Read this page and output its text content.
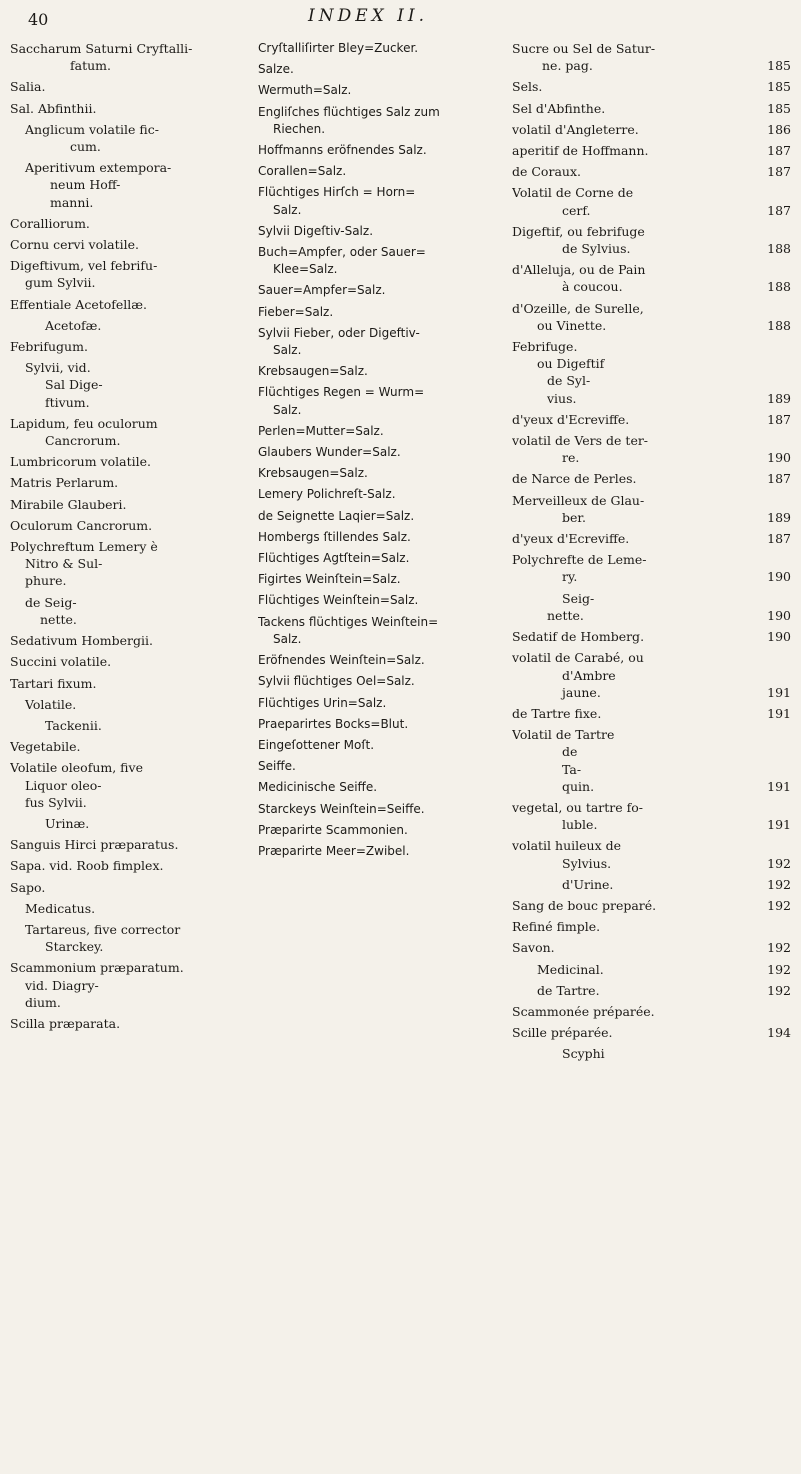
40	INDEX II.
Saccharum Saturni Cryftalli-
fatum.
Salia.
Sal. Abfinthii.
Anglicum volatile fic-
cum.
Aperitivum extempora-
neum Hoff-
manni.
Coralliorum.
Cornu cervi volatile.
Digeftivum, vel febrifu-
gum Sylvii.
Effentiale Acetofellæ.
Acetofæ.
Febrifugum.
Sylvii, vid.
Sal Dige-
ftivum.
Lapidum, feu oculorum
Cancrorum.
Lumbricorum volatile.
Matris Perlarum.
Mirabile Glauberi.
Oculorum Cancrorum.
Polychreftum Lemery è
Nitro & Sul-
phure.
de Seig-
nette.
Sedativum Hombergii.
Succini volatile.
Tartari fixum.
Volatile.
Tackenii.
Vegetabile.
Volatile oleofum, five
Liquor oleo-
fus Sylvii.
Urinæ.
Sanguis Hirci præparatus.
Sapa. vid. Roob fimplex.
Sapo.
Medicatus.
Tartareus, five corrector
Starckey.
Scammonium præparatum.
vid. Diagry-
dium.
Scilla præparata.
Cryſtalliſirter Bley=Zucker.
Salze.
Wermuth=Salz.
Engliſches flüchtiges Salz zum
Riechen.
Hoffmanns eröfnendes Salz.
Corallen=Salz.
Flüchtiges Hirſch = Horn=
Salz.
Sylvii Digeſtiv-Salz.
Buch=Ampfer, oder Sauer=
Klee=Salz.
Sauer=Ampfer=Salz.
Fieber=Salz.
Sylvii Fieber, oder Digeftiv-
Salz.
Krebsaugen=Salz.
Flüchtiges Regen = Wurm=
Salz.
Perlen=Mutter=Salz.
Glaubers Wunder=Salz.
Krebsaugen=Salz.
Lemery Polichreſt-Salz.
de Seignette Laqier=Salz.
Hombergs ſtillendes Salz.
Flüchtiges Agtſtein=Salz.
Figirtes Weinſtein=Salz.
Flüchtiges Weinſtein=Salz.
Tackens flüchtiges Weinſtein=
Salz.
Eröfnendes Weinſtein=Salz.
Sylvii flüchtiges Oel=Salz.
Flüchtiges Urin=Salz.
Praeparirtes Bocks=Blut.
Eingeſottener Moſt.
Seiffe.
Medicinische Seiffe.
Starckeys Weinſtein=Seiffe.
Præparirte Scammonien.
Præparirte Meer=Zwibel.
Sucre ou Sel de Satur-
ne. pag.	185
Sels.	185
Sel d'Abfinthe.	185
volatil d'Angleterre.	186
aperitif de Hoffmann.	187
de Coraux.	187
Volatil de Corne de
cerf.	187
Digeftif, ou febrifuge
de Sylvius.	188
d'Alleluja, ou de Pain
à coucou.	188
d'Ozeille, de Surelle,
ou Vinette.	188
Febrifuge.
ou Digeftif
de Syl-
vius.	189
d'yeux d'Ecreviffe.	187
volatil de Vers de ter-
re.	190
de Narce de Perles.	187
Merveilleux de Glau-
ber.	189
d'yeux d'Ecreviffe.	187
Polychrefte de Leme-
ry.	190
Seig-
nette.	190
Sedatif de Homberg.	190
volatil de Carabé, ou
d'Ambre
jaune.	191
de Tartre fixe.	191
Volatil de Tartre
de
Ta-
quin.	191
vegetal, ou tartre fo-
luble.	191
volatil huileux de
Sylvius.	192
d'Urine.	192
Sang de bouc preparé.	192
Refiné fimple.
Savon.	192
Medicinal.	192
de Tartre.	192
Scammonée préparée.
Scille préparée.	194
Scyphi
